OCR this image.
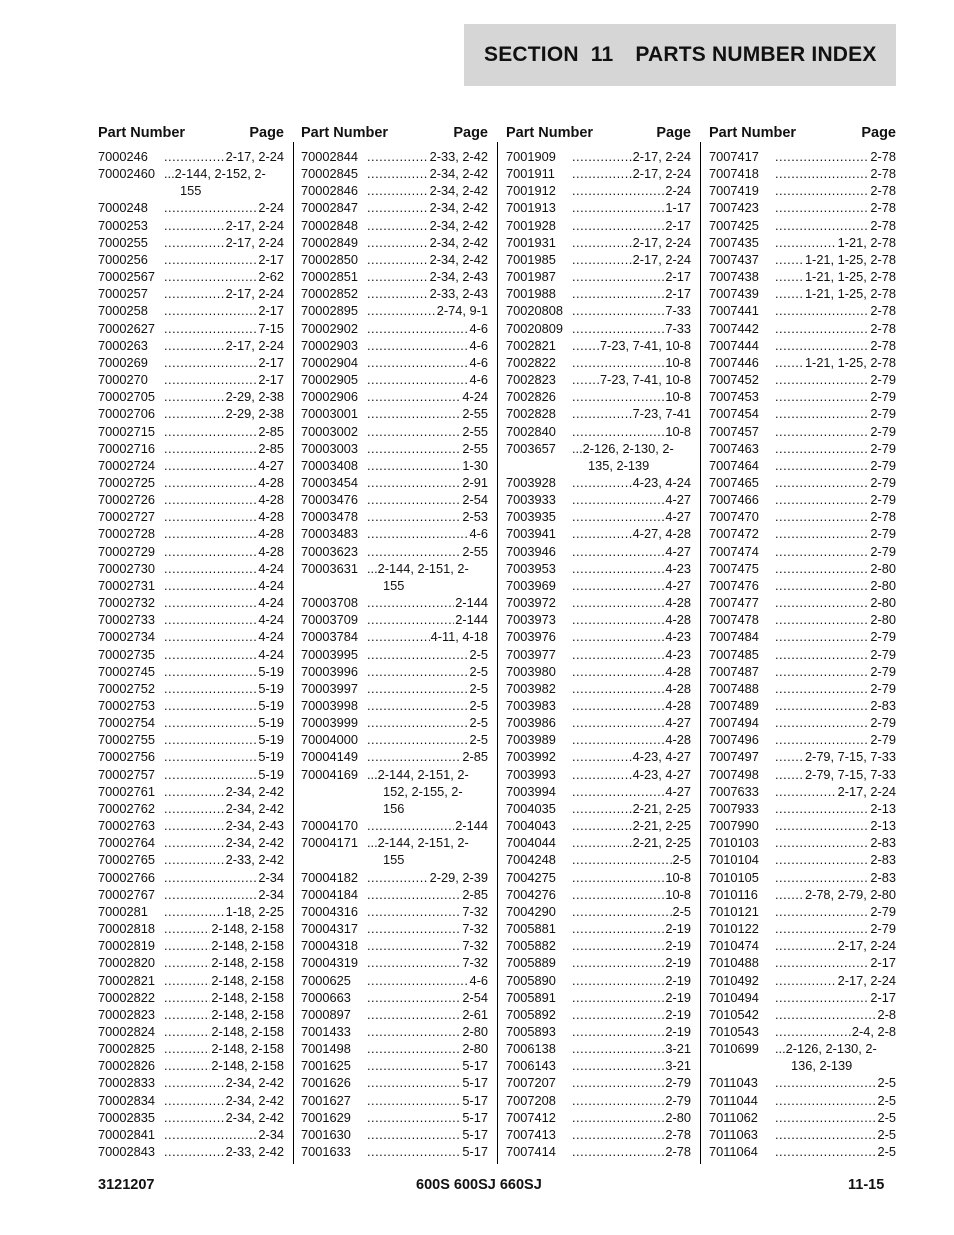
SECTION 11 PARTS NUMBER INDEX
Part Number	Page
7000246 .....	2-17, 2-24
70002460 ...2-144, 2-152, 2-
155
7000248 .....	2-24
7000253 .....	2-17, 2-24
7000255 .....	2-17, 2-24
7000256 .....	2-17
70002567 .....	2-62
7000257 .....	2-17, 2-24
7000258 .....	2-17
70002627 .....	7-15
7000263 .....	2-17, 2-24
7000269 .....	2-17
7000270 .....	2-17
70002705 .....	2-29, 2-38
70002706 .....	2-29, 2-38
70002715 .....	2-85
70002716 .....	2-85
70002724 .....	4-27
70002725 .....	4-28
70002726 .....	4-28
70002727 .....	4-28
70002728 .....	4-28
70002729 .....	4-28
70002730 .....	4-24
70002731 .....	4-24
70002732 .....	4-24
70002733 .....	4-24
70002734 .....	4-24
70002735 .....	4-24
70002745 .....	5-19
70002752 .....	5-19
70002753 .....	5-19
70002754 .....	5-19
70002755 .....	5-19
70002756 .....	5-19
70002757 .....	5-19
70002761 .....	2-34, 2-42
70002762 .....	2-34, 2-42
70002763 .....	2-34, 2-43
70002764 .....	2-34, 2-42
70002765 .....	2-33, 2-42
70002766 .....	2-34
70002767 .....	2-34
7000281 .....	1-18, 2-25
70002818 .....	2-148, 2-158
70002819 .....	2-148, 2-158
70002820 .....	2-148, 2-158
70002821 .....	2-148, 2-158
70002822 .....	2-148, 2-158
70002823 .....	2-148, 2-158
70002824 .....	2-148, 2-158
70002825 .....	2-148, 2-158
70002826 .....	2-148, 2-158
70002833 .....	2-34, 2-42
70002834 .....	2-34, 2-42
70002835 .....	2-34, 2-42
70002841 .....	2-34
70002843 .....	2-33, 2-42
Part Number	Page
70002844 .....	2-33, 2-42
70002845 .....	2-34, 2-42
70002846 .....	2-34, 2-42
70002847 .....	2-34, 2-42
70002848 .....	2-34, 2-42
70002849 .....	2-34, 2-42
70002850 .....	2-34, 2-42
70002851 .....	2-34, 2-43
70002852 .....	2-33, 2-43
70002895 .....	2-74, 9-1
70002902 .....	4-6
70002903 .....	4-6
70002904 .....	4-6
70002905 .....	4-6
70002906 .....	4-24
70003001 .....	2-55
70003002 .....	2-55
70003003 .....	2-55
70003408 .....	1-30
70003454 .....	2-91
70003476 .....	2-54
70003478 .....	2-53
70003483 .....	4-6
70003623 .....	2-55
70003631 ...2-144, 2-151, 2-
155
70003708 .....	2-144
70003709 .....	2-144
70003784 .....	4-11, 4-18
70003995 .....	2-5
70003996 .....	2-5
70003997 .....	2-5
70003998 .....	2-5
70003999 .....	2-5
70004000 .....	2-5
70004149 .....	2-85
70004169 ...2-144, 2-151, 2-
152, 2-155, 2-
156
70004170 .....	2-144
70004171 ...2-144, 2-151, 2-
155
70004182 .....	2-29, 2-39
70004184 .....	2-85
70004316 .....	7-32
70004317 .....	7-32
70004318 .....	7-32
70004319 .....	7-32
7000625 .....	4-6
7000663 .....	2-54
7000897 .....	2-61
7001433 .....	2-80
7001498 .....	2-80
7001625 .....	5-17
7001626 .....	5-17
7001627 .....	5-17
7001629 .....	5-17
7001630 .....	5-17
7001633 .....	5-17
Part Number	Page
7001909 .....	2-17, 2-24
7001911 .....	2-17, 2-24
7001912 .....	2-24
7001913 .....	1-17
7001928 .....	2-17
7001931 .....	2-17, 2-24
7001985 .....	2-17, 2-24
7001987 .....	2-17
7001988 .....	2-17
70020808 .....	7-33
70020809 .....	7-33
7002821 .....	7-23, 7-41, 10-8
7002822 .....	10-8
7002823 .....	7-23, 7-41, 10-8
7002826 .....	10-8
7002828 .....	7-23, 7-41
7002840 .....	10-8
7003657	...2-126, 2-130, 2-
135, 2-139
7003928 .....	4-23, 4-24
7003933 .....	4-27
7003935 .....	4-27
7003941 .....	4-27, 4-28
7003946 .....	4-27
7003953 .....	4-23
7003969 .....	4-27
7003972 .....	4-28
7003973 .....	4-28
7003976 .....	4-23
7003977 .....	4-23
7003980 .....	4-28
7003982 .....	4-28
7003983 .....	4-28
7003986 .....	4-27
7003989 .....	4-28
7003992 .....	4-23, 4-27
7003993 .....	4-23, 4-27
7003994 .....	4-27
7004035 .....	2-21, 2-25
7004043 .....	2-21, 2-25
7004044 .....	2-21, 2-25
7004248 .....	2-5
7004275 .....	10-8
7004276 .....	10-8
7004290 .....	2-5
7005881 .....	2-19
7005882 .....	2-19
7005889 .....	2-19
7005890 .....	2-19
7005891 .....	2-19
7005892 .....	2-19
7005893 .....	2-19
7006138 .....	3-21
7006143 .....	3-21
7007207 .....	2-79
7007208 .....	2-79
7007412 .....	2-80
7007413 .....	2-78
7007414 .....	2-78
Part Number	Page
7007417 .....	2-78
7007418 .....	2-78
7007419 .....	2-78
7007423 .....	2-78
7007425 .....	2-78
7007435 .....	1-21, 2-78
7007437 .....	1-21, 1-25, 2-78
7007438 .....	1-21, 1-25, 2-78
7007439 .....	1-21, 1-25, 2-78
7007441 .....	2-78
7007442 .....	2-78
7007444 .....	2-78
7007446 .....	1-21, 1-25, 2-78
7007452 .....	2-79
7007453 .....	2-79
7007454 .....	2-79
7007457 .....	2-79
7007463 .....	2-79
7007464 .....	2-79
7007465 .....	2-79
7007466 .....	2-79
7007470 .....	2-78
7007472 .....	2-79
7007474 .....	2-79
7007475 .....	2-80
7007476 .....	2-80
7007477 .....	2-80
7007478 .....	2-80
7007484 .....	2-79
7007485 .....	2-79
7007487 .....	2-79
7007488 .....	2-79
7007489 .....	2-83
7007494 .....	2-79
7007496 .....	2-79
7007497 .....	2-79, 7-15, 7-33
7007498 .....	2-79, 7-15, 7-33
7007633 .....	2-17, 2-24
7007933 .....	2-13
7007990 .....	2-13
7010103 .....	2-83
7010104 .....	2-83
7010105 .....	2-83
7010116 .....	2-78, 2-79, 2-80
7010121 .....	2-79
7010122 .....	2-79
7010474 .....	2-17, 2-24
7010488 .....	2-17
7010492 .....	2-17, 2-24
7010494 .....	2-17
7010542 .....	2-8
7010543 .....	2-4, 2-8
7010699	...2-126, 2-130, 2-
136, 2-139
7011043 .....	2-5
7011044 .....	2-5
7011062 .....	2-5
7011063 .....	2-5
7011064 .....	2-5
3121207	600S 600SJ 660SJ	11-15
